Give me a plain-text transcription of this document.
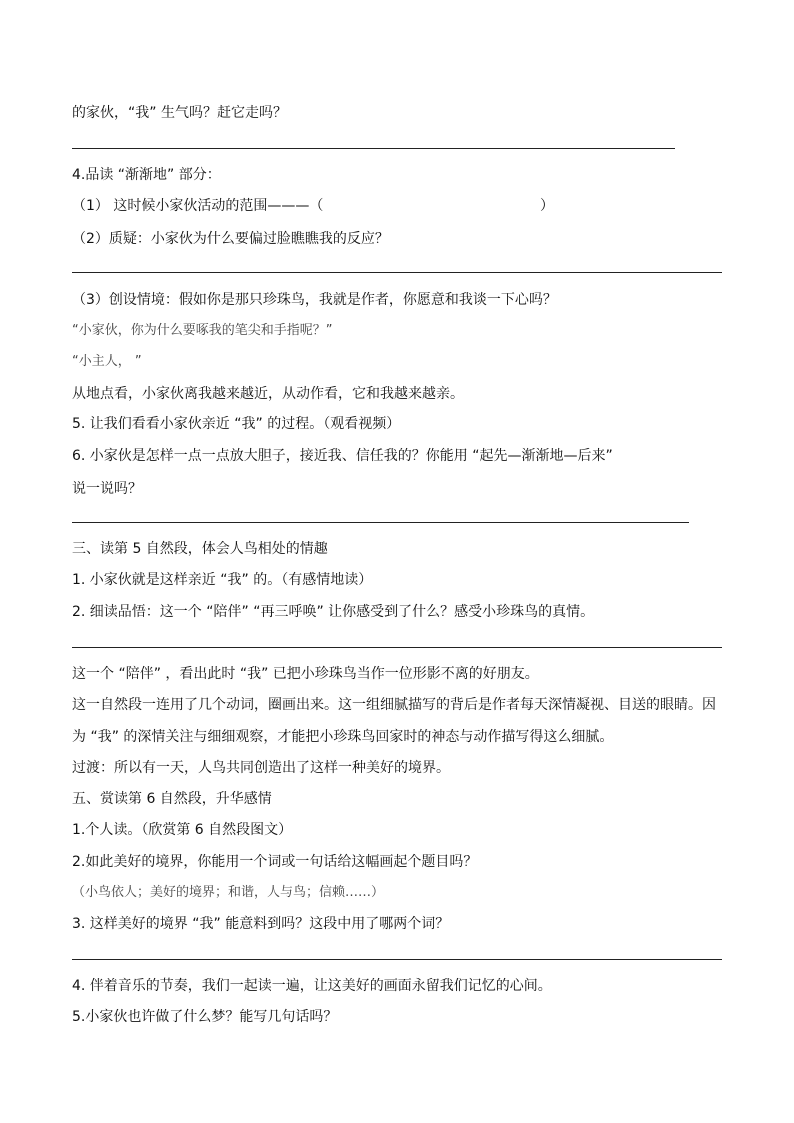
的家伙，“我” 生气吗？赶它走吗？
4.品读 “渐渐地” 部分：
（1） 这时候小家伙活动的范围———（	）
（2）质疑：小家伙为什么要偏过脸瞧瞧我的反应？
（3）创设情境：假如你是那只珍珠鸟，我就是作者，你愿意和我谈一下心吗？
“小家伙，你为什么要啄我的笔尖和手指呢？”
“小主人， ”
从地点看，小家伙离我越来越近，从动作看，它和我越来越亲。
5. 让我们看看小家伙亲近 “我” 的过程。（观看视频）
6. 小家伙是怎样一点一点放大胆子，接近我、信任我的？你能用 “起先—渐渐地—后来”
说一说吗？
三、读第 5 自然段，体会人鸟相处的情趣
1. 小家伙就是这样亲近 “我” 的。（有感情地读）
2. 细读品悟：这一个 “陪伴” “再三呼唤” 让你感受到了什么？感受小珍珠鸟的真情。
这一个 “陪伴” ，看出此时 “我” 已把小珍珠鸟当作一位形影不离的好朋友。
这一自然段一连用了几个动词，圈画出来。这一组细腻描写的背后是作者每天深情凝视、目送的眼睛。因
为 “我” 的深情关注与细细观察，才能把小珍珠鸟回家时的神态与动作描写得这么细腻。
过渡：所以有一天，人鸟共同创造出了这样一种美好的境界。
五、赏读第 6 自然段，升华感情
1.个人读。（欣赏第 6 自然段图文）
2.如此美好的境界，你能用一个词或一句话给这幅画起个题目吗？
（小鸟依人；美好的境界；和谐，人与鸟；信赖……）
3. 这样美好的境界 “我” 能意料到吗？这段中用了哪两个词？
4. 伴着音乐的节奏，我们一起读一遍，让这美好的画面永留我们记忆的心间。
5.小家伙也许做了什么梦？能写几句话吗？
